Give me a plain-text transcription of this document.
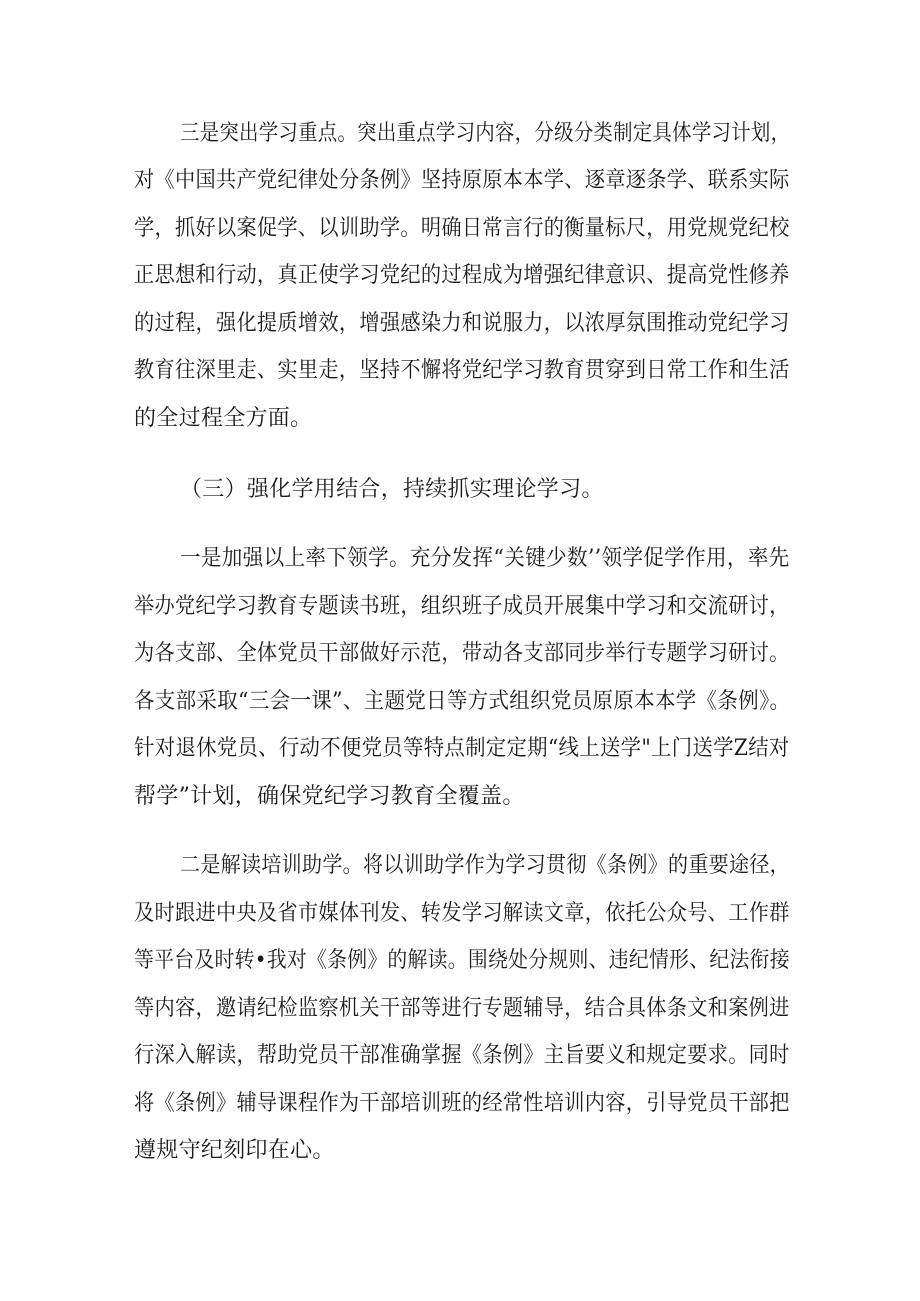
三是突出学习重点。突出重点学习内容，分级分类制定具体学习计划，
对《中国共产党纪律处分条例》坚持原原本本学、逐章逐条学、联系实际
学，抓好以案促学、以训助学。明确日常言行的衡量标尺，用党规党纪校
正思想和行动，真正使学习党纪的过程成为增强纪律意识、提高党性修养
的过程，强化提质增效，增强感染力和说服力，以浓厚氛围推动党纪学习
教育往深里走、实里走，坚持不懈将党纪学习教育贯穿到日常工作和生活
的全过程全方面。
（三）强化学用结合，持续抓实理论学习。
一是加强以上率下领学。充分发挥“关键少数’’领学促学作用，率先
举办党纪学习教育专题读书班，组织班子成员开展集中学习和交流研讨，
为各支部、全体党员干部做好示范，带动各支部同步举行专题学习研讨。
各支部采取“三会一课”、主题党日等方式组织党员原原本本学《条例》。
针对退休党员、行动不便党员等特点制定定期“线上送学"上门送学Z结对
帮学”计划，确保党纪学习教育全覆盖。
二是解读培训助学。将以训助学作为学习贯彻《条例》的重要途径，
及时跟进中央及省市媒体刊发、转发学习解读文章，依托公众号、工作群
等平台及时转•我对《条例》的解读。围绕处分规则、违纪情形、纪法衔接
等内容，邀请纪检监察机关干部等进行专题辅导，结合具体条文和案例进
行深入解读，帮助党员干部准确掌握《条例》主旨要义和规定要求。同时
将《条例》辅导课程作为干部培训班的经常性培训内容，引导党员干部把
遵规守纪刻印在心。
